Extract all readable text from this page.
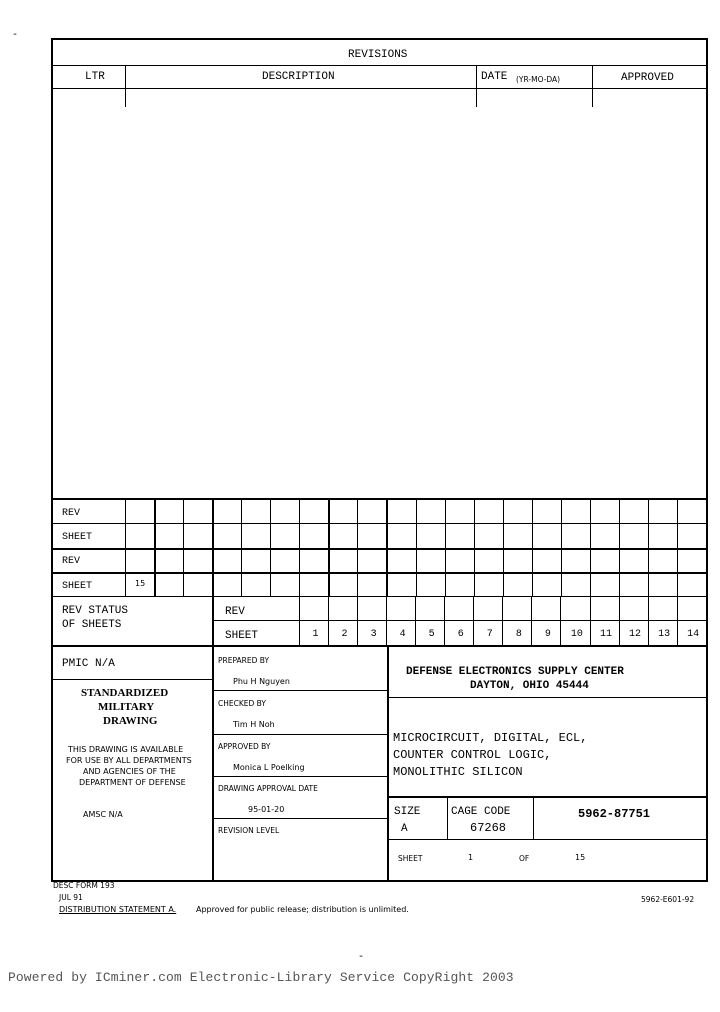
-
REVISIONS
LTR	DESCRIPTION	DATE (YR-MO-DA)	APPROVED
REV
SHEET
REV
SHEET	15
REV STATUS
OF SHEETS
REV
SHEET	1	2	3	4	5	6	7	8	9	10	11	12	13	14
PMIC N/A
STANDARDIZED
MILITARY
DRAWING
THIS DRAWING IS AVAILABLE
FOR USE BY ALL DEPARTMENTS
AND AGENCIES OF THE
DEPARTMENT OF DEFENSE
AMSC N/A
PREPARED BY
Phu H Nguyen
CHECKED BY
Tim H Noh
APPROVED BY
Monica L Poelking
DRAWING APPROVAL DATE
95-01-20
REVISION LEVEL
DEFENSE ELECTRONICS SUPPLY CENTER
DAYTON, OHIO 45444
MICROCIRCUIT, DIGITAL, ECL,
COUNTER CONTROL LOGIC,
MONOLITHIC SILICON
SIZE
A
CAGE CODE
67268
5962-87751
SHEET	1	OF	15
DESC FORM 193
JUL 91
DISTRIBUTION STATEMENT A. Approved for public release; distribution is unlimited.
5962-E601-92
-
Powered by ICminer.com Electronic-Library Service CopyRight 2003
